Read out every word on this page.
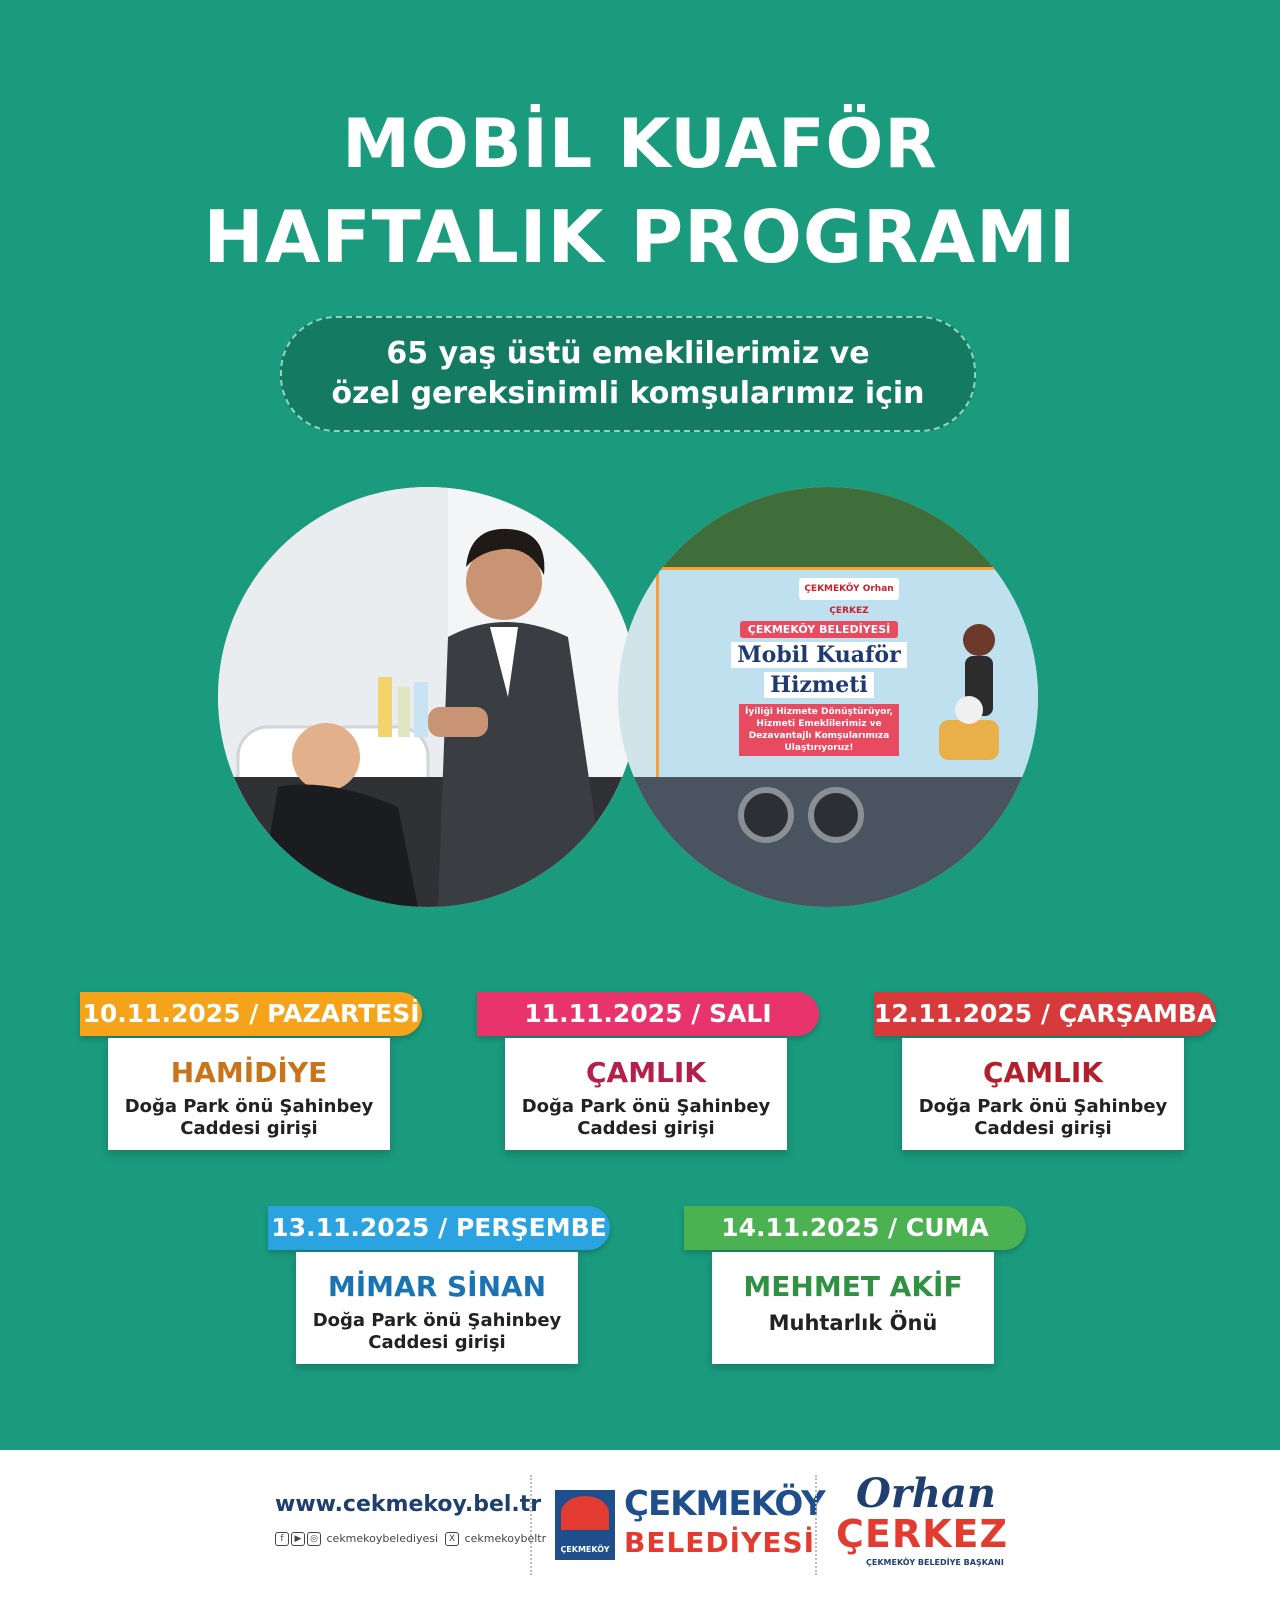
MOBİL KUAFÖR
HAFTALIK PROGRAMI
65 yaş üstü emeklilerimiz ve
özel gereksinimli komşularımız için
ÇEKMEKÖY Orhan ÇERKEZ
ÇEKMEKÖY BELEDİYESİ
Mobil Kuaför
Hizmeti
İyiliği Hizmete Dönüştürüyor,
Hizmeti Emeklilerimiz ve
Dezavantajlı Komşularımıza
Ulaştırıyoruz!
10.11.2025 / PAZARTESİ
HAMİDİYE
Doğa Park önü Şahinbey
Caddesi girişi
11.11.2025 / SALI
ÇAMLIK
Doğa Park önü Şahinbey
Caddesi girişi
12.11.2025 / ÇARŞAMBA
ÇAMLIK
Doğa Park önü Şahinbey
Caddesi girişi
13.11.2025 / PERŞEMBE
MİMAR SİNAN
Doğa Park önü Şahinbey
Caddesi girişi
14.11.2025 / CUMA
MEHMET AKİF
Muhtarlık Önü
www.cekmekoy.bel.tr
f ▶ ◎ cekmekoybelediyesi X cekmekoybeltr
ÇEKMEKÖY
ÇEKMEKÖY
BELEDİYESİ
Orhan
ÇERKEZ
ÇEKMEKÖY BELEDİYE BAŞKANI
